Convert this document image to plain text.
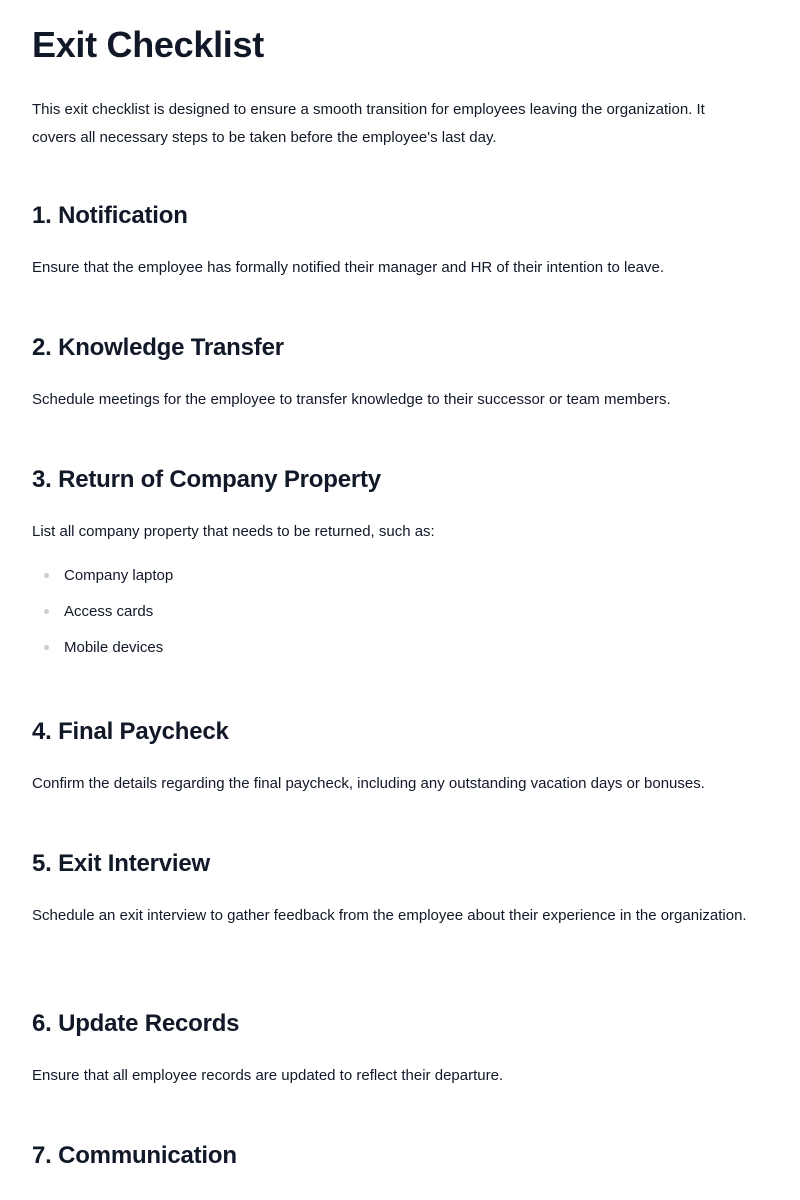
Exit Checklist

This exit checklist is designed to ensure a smooth transition for employees leaving the organization. It covers all necessary steps to be taken before the employee's last day.

1. Notification

Ensure that the employee has formally notified their manager and HR of their intention to leave.

2. Knowledge Transfer

Schedule meetings for the employee to transfer knowledge to their successor or team members.

3. Return of Company Property

List all company property that needs to be returned, such as:

Company laptop
Access cards
Mobile devices
4. Final Paycheck

Confirm the details regarding the final paycheck, including any outstanding vacation days or bonuses.

5. Exit Interview

Schedule an exit interview to gather feedback from the employee about their experience in the organization.

6. Update Records

Ensure that all employee records are updated to reflect their departure.

7. Communication
